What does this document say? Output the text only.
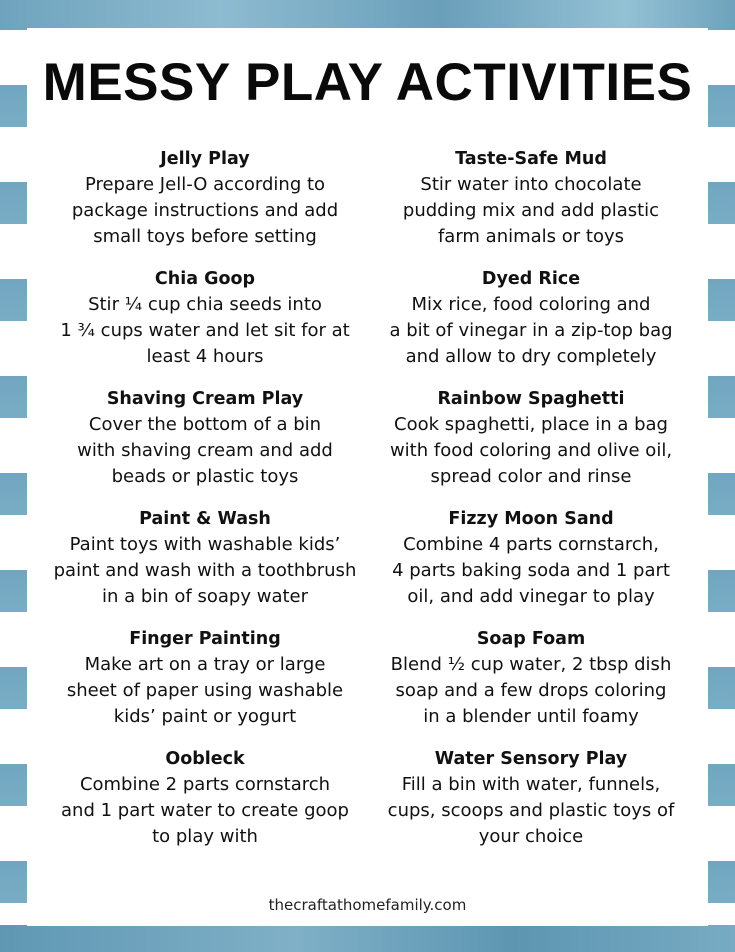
MESSY PLAY ACTIVITIES
Jelly Play

Prepare Jell-O according to

package instructions and add

small toys before setting

Taste-Safe Mud

Stir water into chocolate

pudding mix and add plastic

farm animals or toys

Chia Goop

Stir ¼ cup chia seeds into

1 ¾ cups water and let sit for at

least 4 hours

Dyed Rice

Mix rice, food coloring and

a bit of vinegar in a zip-top bag

and allow to dry completely

Shaving Cream Play

Cover the bottom of a bin

with shaving cream and add

beads or plastic toys

Rainbow Spaghetti

Cook spaghetti, place in a bag

with food coloring and olive oil,

spread color and rinse

Paint & Wash

Paint toys with washable kids’

paint and wash with a toothbrush

in a bin of soapy water

Fizzy Moon Sand

Combine 4 parts cornstarch,

4 parts baking soda and 1 part

oil, and add vinegar to play

Finger Painting

Make art on a tray or large

sheet of paper using washable

kids’ paint or yogurt

Soap Foam

Blend ½ cup water, 2 tbsp dish

soap and a few drops coloring

in a blender until foamy

Oobleck

Combine 2 parts cornstarch

and 1 part water to create goop

to play with

Water Sensory Play

Fill a bin with water, funnels,

cups, scoops and plastic toys of

your choice

thecraftathomefamily.com
